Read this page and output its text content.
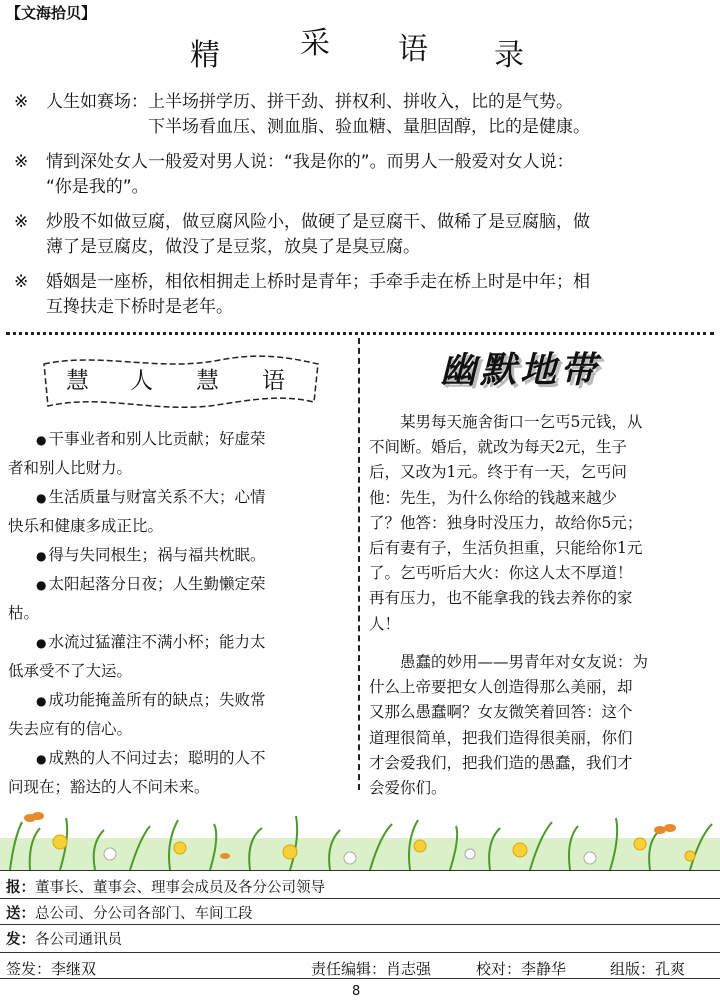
【文海拾贝】
精	采 语 录
※	人生如赛场：上半场拼学历、拼干劲、拼权利、拼收入，比的是气势。
　　　　　　下半场看血压、测血脂、验血糖、量胆固醇，比的是健康。
※	情到深处女人一般爱对男人说：“我是你的”。而男人一般爱对女人说：
“你是我的”。
※	炒股不如做豆腐，做豆腐风险小，做硬了是豆腐干、做稀了是豆腐脑，做
薄了是豆腐皮，做没了是豆浆，放臭了是臭豆腐。
※	婚姻是一座桥，相依相拥走上桥时是青年；手牵手走在桥上时是中年；相
互搀扶走下桥时是老年。
慧 人 慧 语
● 干事业者和别人比贡献；好虚荣
者和别人比财力。
● 生活质量与财富关系不大；心情
快乐和健康多成正比。
● 得与失同根生；祸与福共枕眠。
● 太阳起落分日夜；人生勤懒定荣
枯。
● 水流过猛灌注不满小杯；能力太
低承受不了大运。
● 成功能掩盖所有的缺点；失败常
失去应有的信心。
● 成熟的人不问过去；聪明的人不
问现在；豁达的人不问未来。
幽默地带
　　某男每天施舍街口一乞丐5元钱，从
不间断。婚后，就改为每天2元，生子
后，又改为1元。终于有一天，乞丐问
他：先生，为什么你给的钱越来越少
了？他答：独身时没压力，故给你5元；
后有妻有子，生活负担重，只能给你1元
了。乞丐听后大火：你这人太不厚道！
再有压力，也不能拿我的钱去养你的家
人！
　　愚蠢的妙用——男青年对女友说：为
什么上帝要把女人创造得那么美丽，却
又那么愚蠢啊？女友微笑着回答：这个
道理很简单，把我们造得很美丽，你们
才会爱我们，把我们造的愚蠢，我们才
会爱你们。
报：董事长、董事会、理事会成员及各分公司领导
送：总公司、分公司各部门、车间工段
发：各公司通讯员
签发：李继双	责任编辑：肖志强	校对：李静华	组版：孔爽
8
